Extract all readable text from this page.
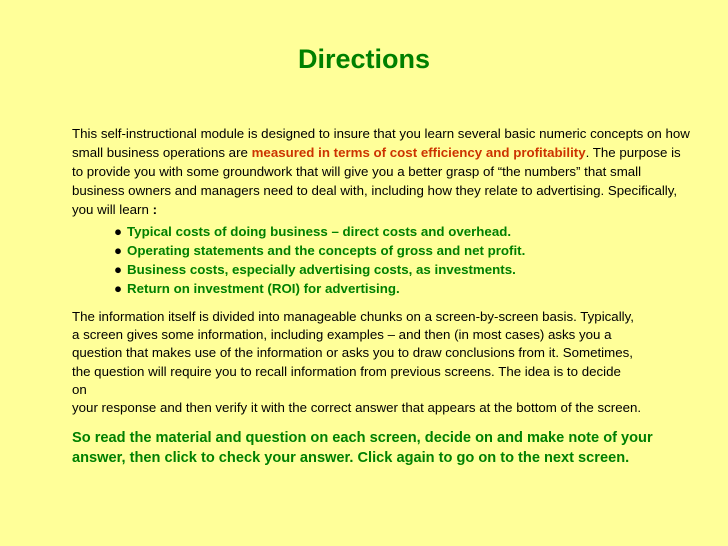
Directions

This self-instructional module is designed to insure that you learn several basic numeric concepts on how small business operations are measured in terms of cost efficiency and profitability. The purpose is to provide you with some groundwork that will give you a better grasp of “the numbers” that small business owners and managers need to deal with, including how they relate to advertising. Specifically, you will learn :

● Typical costs of doing business – direct costs and overhead.
● Operating statements and the concepts of gross and net profit.
● Business costs, especially advertising costs, as investments.
● Return on investment (ROI) for advertising.

The information itself is divided into manageable chunks on a screen-by-screen basis. Typically,
a screen gives some information, including examples – and then (in most cases) asks you a
question that makes use of the information or asks you to draw conclusions from it. Sometimes,
the question will require you to recall information from previous screens. The idea is to decide
on
your response and then verify it with the correct answer that appears at the bottom of the screen.

So read the material and question on each screen, decide on and make note of your answer, then click to check your answer. Click again to go on to the next screen.
